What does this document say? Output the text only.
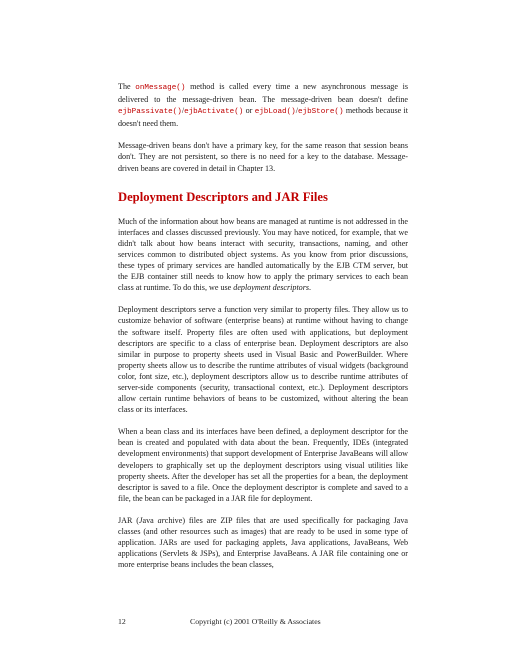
The onMessage() method is called every time a new asynchronous message is delivered to the message-driven bean. The message-driven bean doesn't define ejbPassivate()/ejbActivate() or ejbLoad()/ejbStore() methods because it doesn't need them.

Message-driven beans don't have a primary key, for the same reason that session beans don't. They are not persistent, so there is no need for a key to the database. Message-driven beans are covered in detail in Chapter 13.

Deployment Descriptors and JAR Files

Much of the information about how beans are managed at runtime is not addressed in the interfaces and classes discussed previously. You may have noticed, for example, that we didn't talk about how beans interact with security, transactions, naming, and other services common to distributed object systems. As you know from prior discussions, these types of primary services are handled automatically by the EJB CTM server, but the EJB container still needs to know how to apply the primary services to each bean class at runtime. To do this, we use deployment descriptors.

Deployment descriptors serve a function very similar to property files. They allow us to customize behavior of software (enterprise beans) at runtime without having to change the software itself. Property files are often used with applications, but deployment descriptors are specific to a class of enterprise bean. Deployment descriptors are also similar in purpose to property sheets used in Visual Basic and PowerBuilder. Where property sheets allow us to describe the runtime attributes of visual widgets (background color, font size, etc.), deployment descriptors allow us to describe runtime attributes of server-side components (security, transactional context, etc.). Deployment descriptors allow certain runtime behaviors of beans to be customized, without altering the bean class or its interfaces.

When a bean class and its interfaces have been defined, a deployment descriptor for the bean is created and populated with data about the bean. Frequently, IDEs (integrated development environments) that support development of Enterprise JavaBeans will allow developers to graphically set up the deployment descriptors using visual utilities like property sheets. After the developer has set all the properties for a bean, the deployment descriptor is saved to a file. Once the deployment descriptor is complete and saved to a file, the bean can be packaged in a JAR file for deployment.

JAR (Java archive) files are ZIP files that are used specifically for packaging Java classes (and other resources such as images) that are ready to be used in some type of application. JARs are used for packaging applets, Java applications, JavaBeans, Web applications (Servlets & JSPs), and Enterprise JavaBeans. A JAR file containing one or more enterprise beans includes the bean classes,

12	Copyright (c) 2001 O'Reilly & Associates
